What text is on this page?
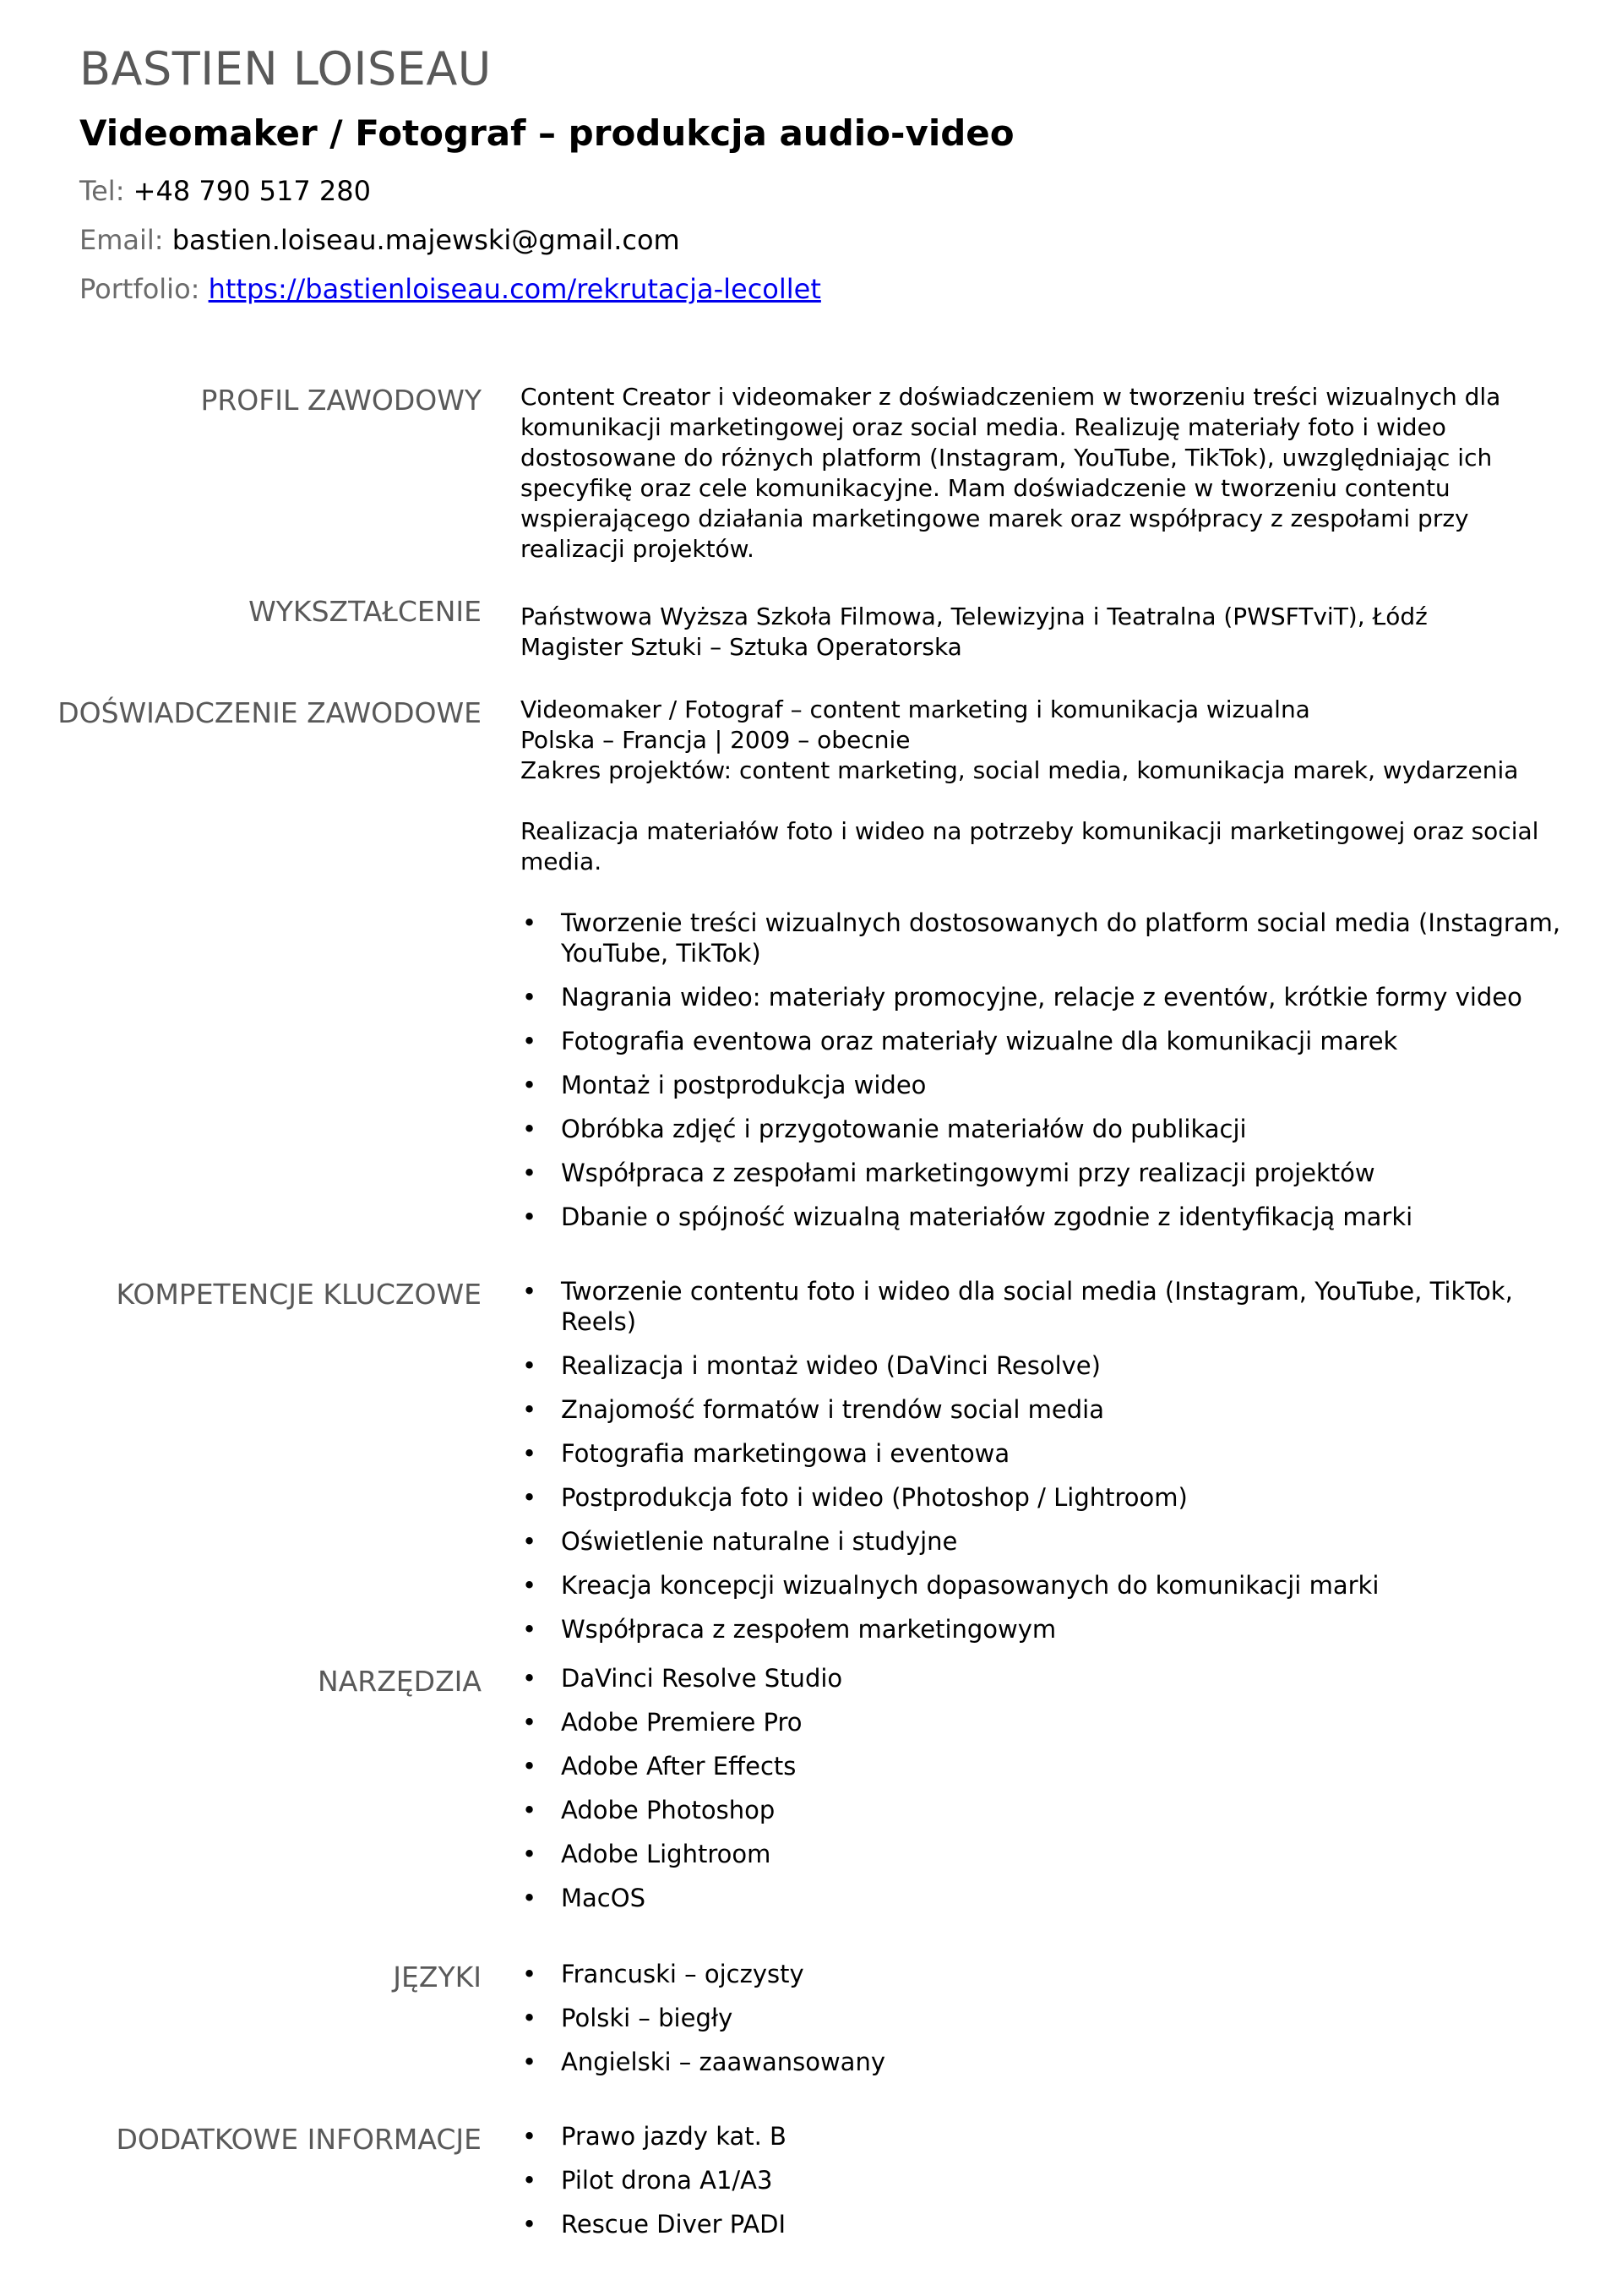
BASTIEN LOISEAU
Videomaker / Fotograf – produkcja audio-video
Tel: +48 790 517 280
Email: bastien.loiseau.majewski@gmail.com
Portfolio: https://bastienloiseau.com/rekrutacja-lecollet
PROFIL ZAWODOWY Content Creator i videomaker z doświadczeniem w tworzeniu treści wizualnych dla komunikacji marketingowej oraz social media. Realizuję materiały foto i wideo dostosowane do różnych platform (Instagram, YouTube, TikTok), uwzględniając ich specyfikę oraz cele komunikacyjne. Mam doświadczenie w tworzeniu contentu wspierającego działania marketingowe marek oraz współpracy z zespołami przy realizacji projektów.

WYKSZTAŁCENIE Państwowa Wyższa Szkoła Filmowa, Telewizyjna i Teatralna (PWSFTviT), Łódź

Magister Sztuki – Sztuka Operatorska

DOŚWIADCZENIE ZAWODOWE Videomaker / Fotograf – content marketing i komunikacja wizualna

Polska – Francja | 2009 – obecnie

Zakres projektów: content marketing, social media, komunikacja marek, wydarzenia

Realizacja materiałów foto i wideo na potrzeby komunikacji marketingowej oraz social media.

• Tworzenie treści wizualnych dostosowanych do platform social media (Instagram, YouTube, TikTok)
• Nagrania wideo: materiały promocyjne, relacje z eventów, krótkie formy video
• Fotografia eventowa oraz materiały wizualne dla komunikacji marek
• Montaż i postprodukcja wideo
• Obróbka zdjęć i przygotowanie materiałów do publikacji
• Współpraca z zespołami marketingowymi przy realizacji projektów
• Dbanie o spójność wizualną materiałów zgodnie z identyfikacją marki
KOMPETENCJE KLUCZOWE • Tworzenie contentu foto i wideo dla social media (Instagram, YouTube, TikTok, Reels)
• Realizacja i montaż wideo (DaVinci Resolve)
• Znajomość formatów i trendów social media
• Fotografia marketingowa i eventowa
• Postprodukcja foto i wideo (Photoshop / Lightroom)
• Oświetlenie naturalne i studyjne
• Kreacja koncepcji wizualnych dopasowanych do komunikacji marki
• Współpraca z zespołem marketingowym
NARZĘDZIA • DaVinci Resolve Studio
• Adobe Premiere Pro
• Adobe After Effects
• Adobe Photoshop
• Adobe Lightroom
• MacOS
JĘZYKI • Francuski – ojczysty
• Polski – biegły
• Angielski – zaawansowany
DODATKOWE INFORMACJE • Prawo jazdy kat. B
• Pilot drona A1/A3
• Rescue Diver PADI
